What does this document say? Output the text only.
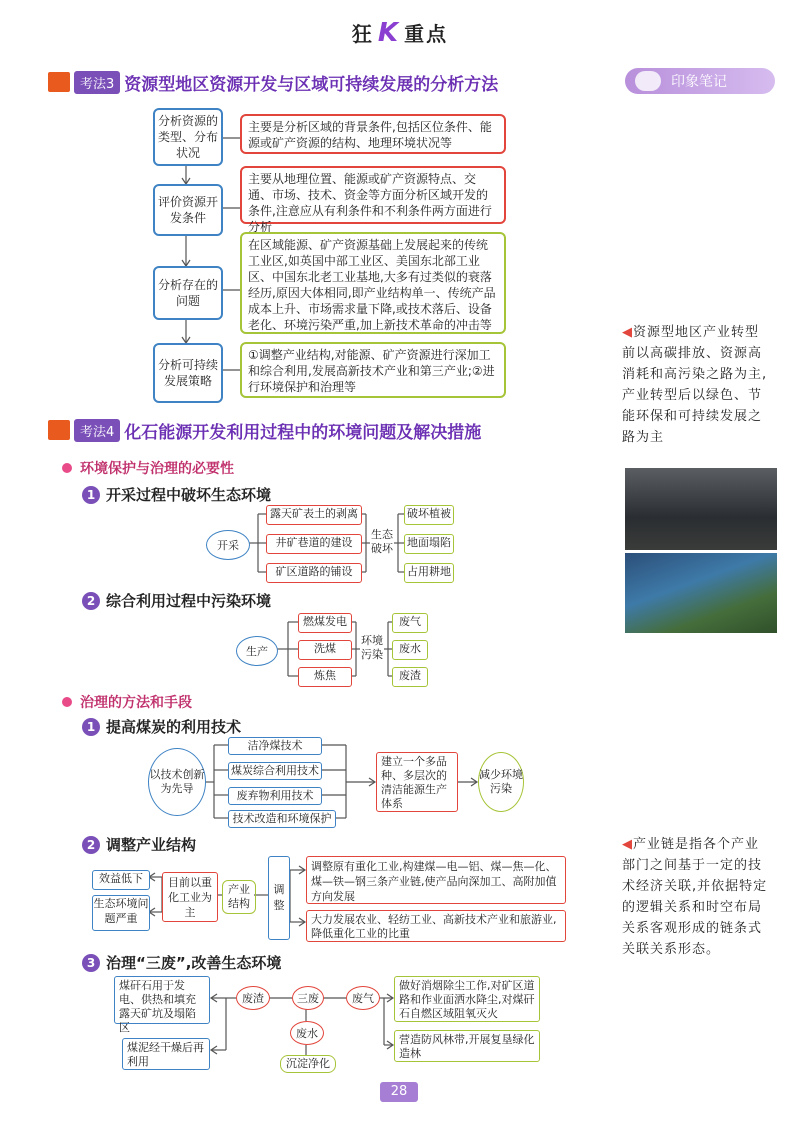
狂 K 重点
印象笔记
考法3 资源型地区资源开发与区域可持续发展的分析方法
分析资源的类型、分布状况
评价资源开发条件
分析存在的问题
分析可持续发展策略
主要是分析区域的背景条件,包括区位条件、能源或矿产资源的结构、地理环境状况等
主要从地理位置、能源或矿产资源特点、交通、市场、技术、资金等方面分析区域开发的条件,注意应从有利条件和不利条件两方面进行分析
在区域能源、矿产资源基础上发展起来的传统工业区,如英国中部工业区、美国东北部工业区、中国东北老工业基地,大多有过类似的衰落经历,原因大体相同,即产业结构单一、传统产品成本上升、市场需求量下降,或技术落后、设备老化、环境污染严重,加上新技术革命的冲击等
①调整产业结构,对能源、矿产资源进行深加工和综合利用,发展高新技术产业和第三产业;②进行环境保护和治理等
考法4 化石能源开发利用过程中的环境问题及解决措施
环境保护与治理的必要性
1 开采过程中破坏生态环境
开采
露天矿表土的剥离
井矿巷道的建设
矿区道路的铺设
生态破坏
破坏植被
地面塌陷
占用耕地
2 综合利用过程中污染环境
生产
燃煤发电
洗煤
炼焦
环境污染
废气
废水
废渣
治理的方法和手段
1 提高煤炭的利用技术
以技术创新为先导
洁净煤技术
煤炭综合利用技术
废弃物利用技术
技术改造和环境保护
建立一个多品种、多层次的清洁能源生产体系
减少环境污染
2 调整产业结构
效益低下
生态环境问题严重
目前以重化工业为主
产业结构
调整
调整原有重化工业,构建煤—电—铝、煤—焦—化、煤—铁—钢三条产业链,使产品向深加工、高附加值方向发展
大力发展农业、轻纺工业、高新技术产业和旅游业,降低重化工业的比重
3 治理“三废”,改善生态环境
煤矸石用于发电、供热和填充露天矿坑及塌陷区
煤泥经干燥后再利用
废渣	三废	废气
废水
沉淀净化
做好消烟除尘工作,对矿区道路和作业面洒水降尘,对煤矸石自燃区域阻氧灭火
营造防风林带,开展复垦绿化造林
◀资源型地区产业转型前以高碳排放、资源高消耗和高污染之路为主,产业转型后以绿色、节能环保和可持续发展之路为主
◀产业链是指各个产业部门之间基于一定的技术经济关联,并依据特定的逻辑关系和时空布局关系客观形成的链条式关联关系形态。
28
